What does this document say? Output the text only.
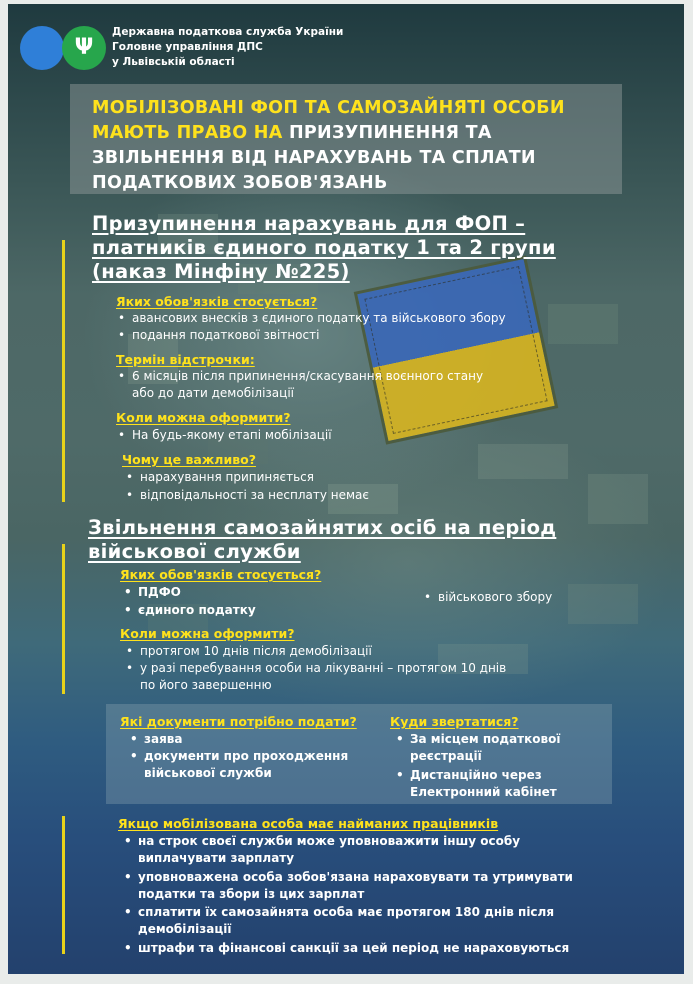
Ψ
Державна податкова служба України
Головне управління ДПС
у Львівській області
МОБІЛІЗОВАНІ ФОП ТА САМОЗАЙНЯТІ ОСОБИ
МАЮТЬ ПРАВО НА ПРИЗУПИНЕННЯ ТА
ЗВІЛЬНЕННЯ ВІД НАРАХУВАНЬ ТА СПЛАТИ
ПОДАТКОВИХ ЗОБОВ'ЯЗАНЬ
Призупинення нарахувань для ФОП –
платників єдиного податку 1 та 2 групи
(наказ Мінфіну №225)
Яких обов'язків стосується?
• авансових внесків з єдиного податку та військового збору
• подання податкової звітності
Термін відстрочки:
• 6 місяців після припинення/скасування воєнного стану
або до дати демобілізації
Коли можна оформити?
• На будь-якому етапі мобілізації
Чому це важливо?
• нарахування припиняється
• відповідальності за несплату немає
Звільнення самозайнятих осіб на період
військової служби
Яких обов'язків стосується?
• ПДФО
• єдиного податку
• військового збору
Коли можна оформити?
• протягом 10 днів після демобілізації
• у разі перебування особи на лікуванні – протягом 10 днів
по його завершенню
Які документи потрібно подати?
• заява
• документи про проходження
військової служби
Куди звертатися?
• За місцем податкової
реєстрації
• Дистанційно через
Електронний кабінет
Якщо мобілізована особа має найманих працівників
• на строк своєї служби може уповноважити іншу особу
виплачувати зарплату
• уповноважена особа зобов'язана нараховувати та утримувати
податки та збори із цих зарплат
• сплатити їх самозайнята особа має протягом 180 днів після
демобілізації
• штрафи та фінансові санкції за цей період не нараховуються
